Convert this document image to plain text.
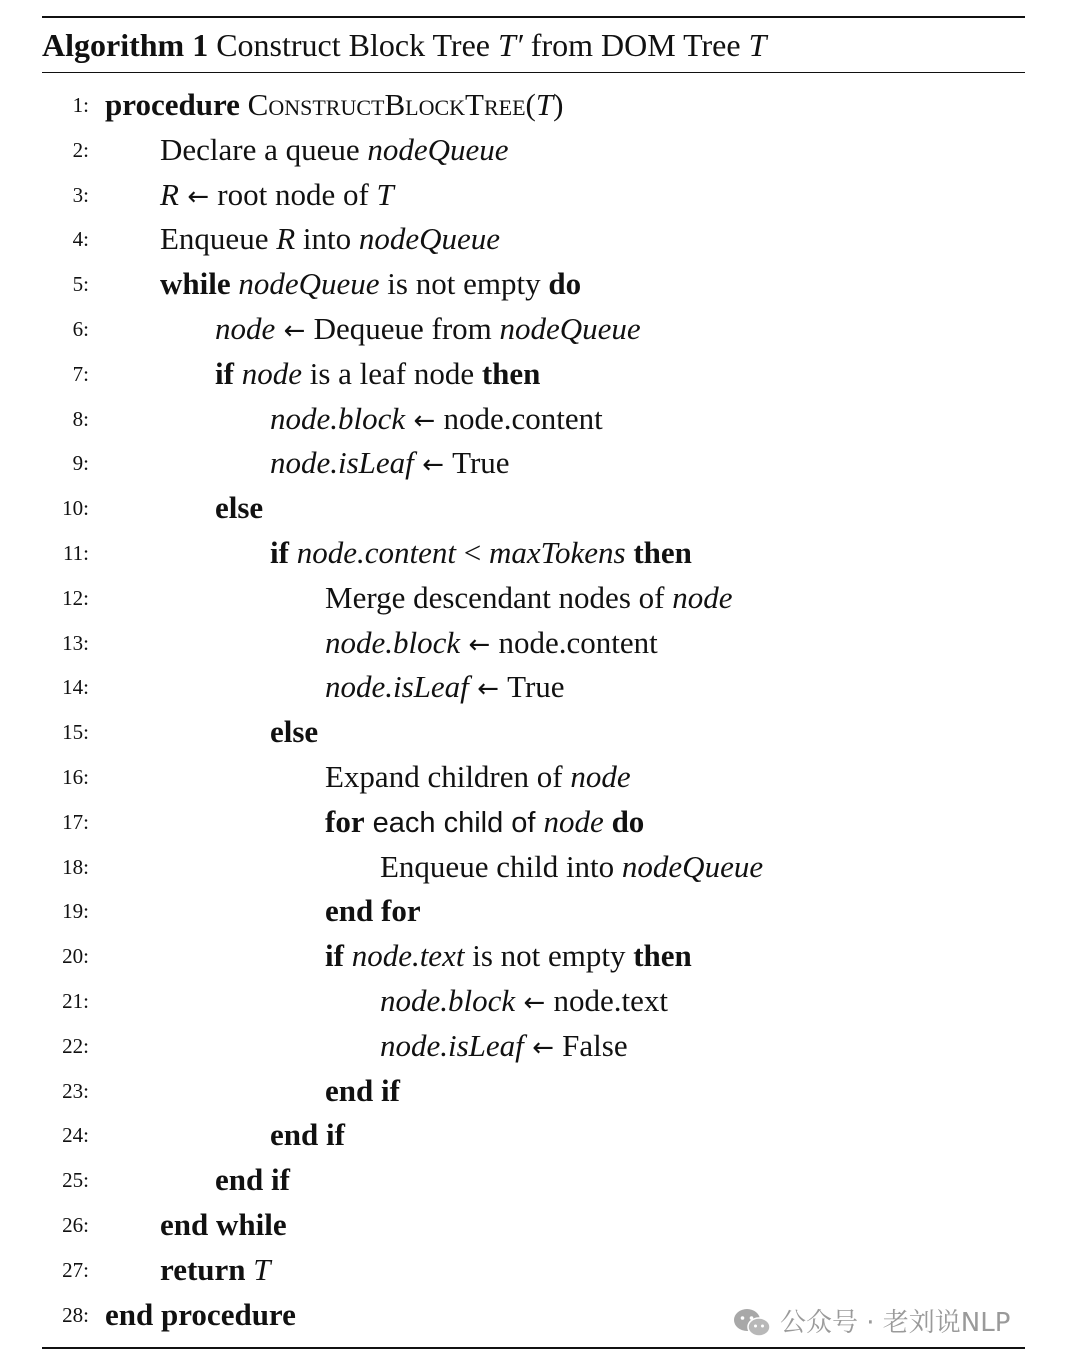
Algorithm 1 Construct Block Tree T′ from DOM Tree T
1: procedure ConstructBlockTree(T)
2: Declare a queue nodeQueue
3: R ← root node of T
4: Enqueue R into nodeQueue
5: while nodeQueue is not empty do
6:	node ← Dequeue from nodeQueue
7:	if node is a leaf node then
8:	node.block ← node.content
9:	node.isLeaf ← True
10:	else
11:	if node.content < maxTokens then
12:	Merge descendant nodes of node
13:	node.block ← node.content
14:	node.isLeaf ← True
15:	else
16:	Expand children of node
17:	for each child of node do
18:	Enqueue child into nodeQueue
19:	end for
20:	if node.text is not empty then
21:	node.block ← node.text
22:	node.isLeaf ← False
23:	end if
24:	end if
25:	end if
26: end while
27: return T
28: end procedure	公众号 · 老刘说NLP
